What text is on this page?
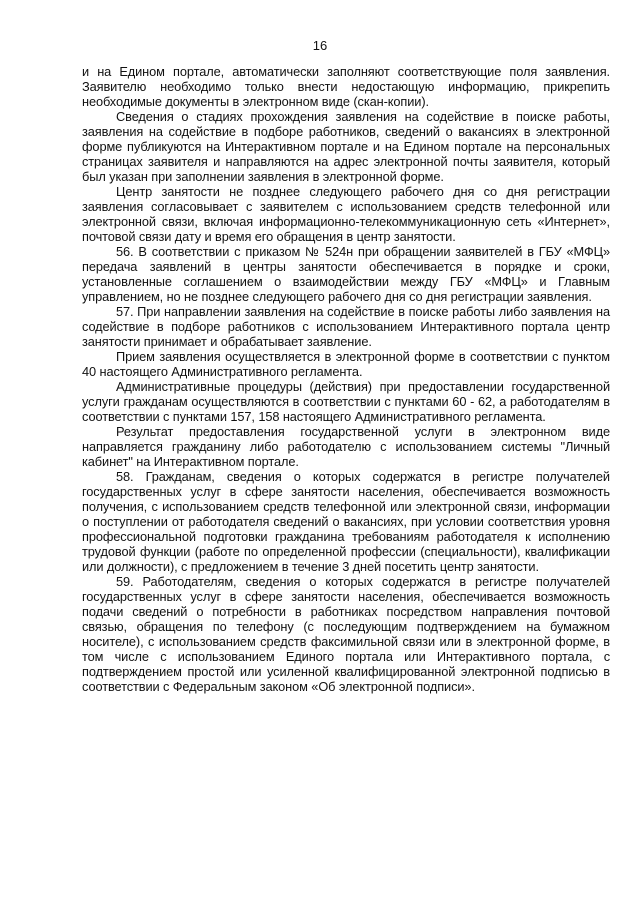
16

и на Едином портале, автоматически заполняют соответствующие поля заявления. Заявителю необходимо только внести недостающую информацию, прикрепить необходимые документы в электронном виде (скан-копии).

Сведения о стадиях прохождения заявления на содействие в поиске работы, заявления на содействие в подборе работников, сведений о вакансиях в электронной форме публикуются на Интерактивном портале и на Едином портале на персональных страницах заявителя и направляются на адрес электронной почты заявителя, который был указан при заполнении заявления в электронной форме.

Центр занятости не позднее следующего рабочего дня со дня регистрации заявления согласовывает с заявителем с использованием средств телефонной или электронной связи, включая информационно-телекоммуникационную сеть «Интернет», почтовой связи дату и время его обращения в центр занятости.

56. В соответствии с приказом № 524н при обращении заявителей в ГБУ «МФЦ» передача заявлений в центры занятости обеспечивается в порядке и сроки, установленные соглашением о взаимодействии между ГБУ «МФЦ» и Главным управлением, но не позднее следующего рабочего дня со дня регистрации заявления.

57. При направлении заявления на содействие в поиске работы либо заявления на содействие в подборе работников с использованием Интерактивного портала центр занятости принимает и обрабатывает заявление.

Прием заявления осуществляется в электронной форме в соответствии с пунктом 40 настоящего Административного регламента.

Административные процедуры (действия) при предоставлении государственной услуги гражданам осуществляются в соответствии с пунктами 60 - 62, а работодателям в соответствии с пунктами 157, 158 настоящего Административного регламента.

Результат предоставления государственной услуги в электронном виде направляется гражданину либо работодателю с использованием системы "Личный кабинет" на Интерактивном портале.

58. Гражданам, сведения о которых содержатся в регистре получателей государственных услуг в сфере занятости населения, обеспечивается возможность получения, с использованием средств телефонной или электронной связи, информации о поступлении от работодателя сведений о вакансиях, при условии соответствия уровня профессиональной подготовки гражданина требованиям работодателя к исполнению трудовой функции (работе по определенной профессии (специальности), квалификации или должности), с предложением в течение 3 дней посетить центр занятости.

59. Работодателям, сведения о которых содержатся в регистре получателей государственных услуг в сфере занятости населения, обеспечивается возможность подачи сведений о потребности в работниках посредством направления почтовой связью, обращения по телефону (с последующим подтверждением на бумажном носителе), с использованием средств факсимильной связи или в электронной форме, в том числе с использованием Единого портала или Интерактивного портала, с подтверждением простой или усиленной квалифицированной электронной подписью в соответствии с Федеральным законом «Об электронной подписи».
